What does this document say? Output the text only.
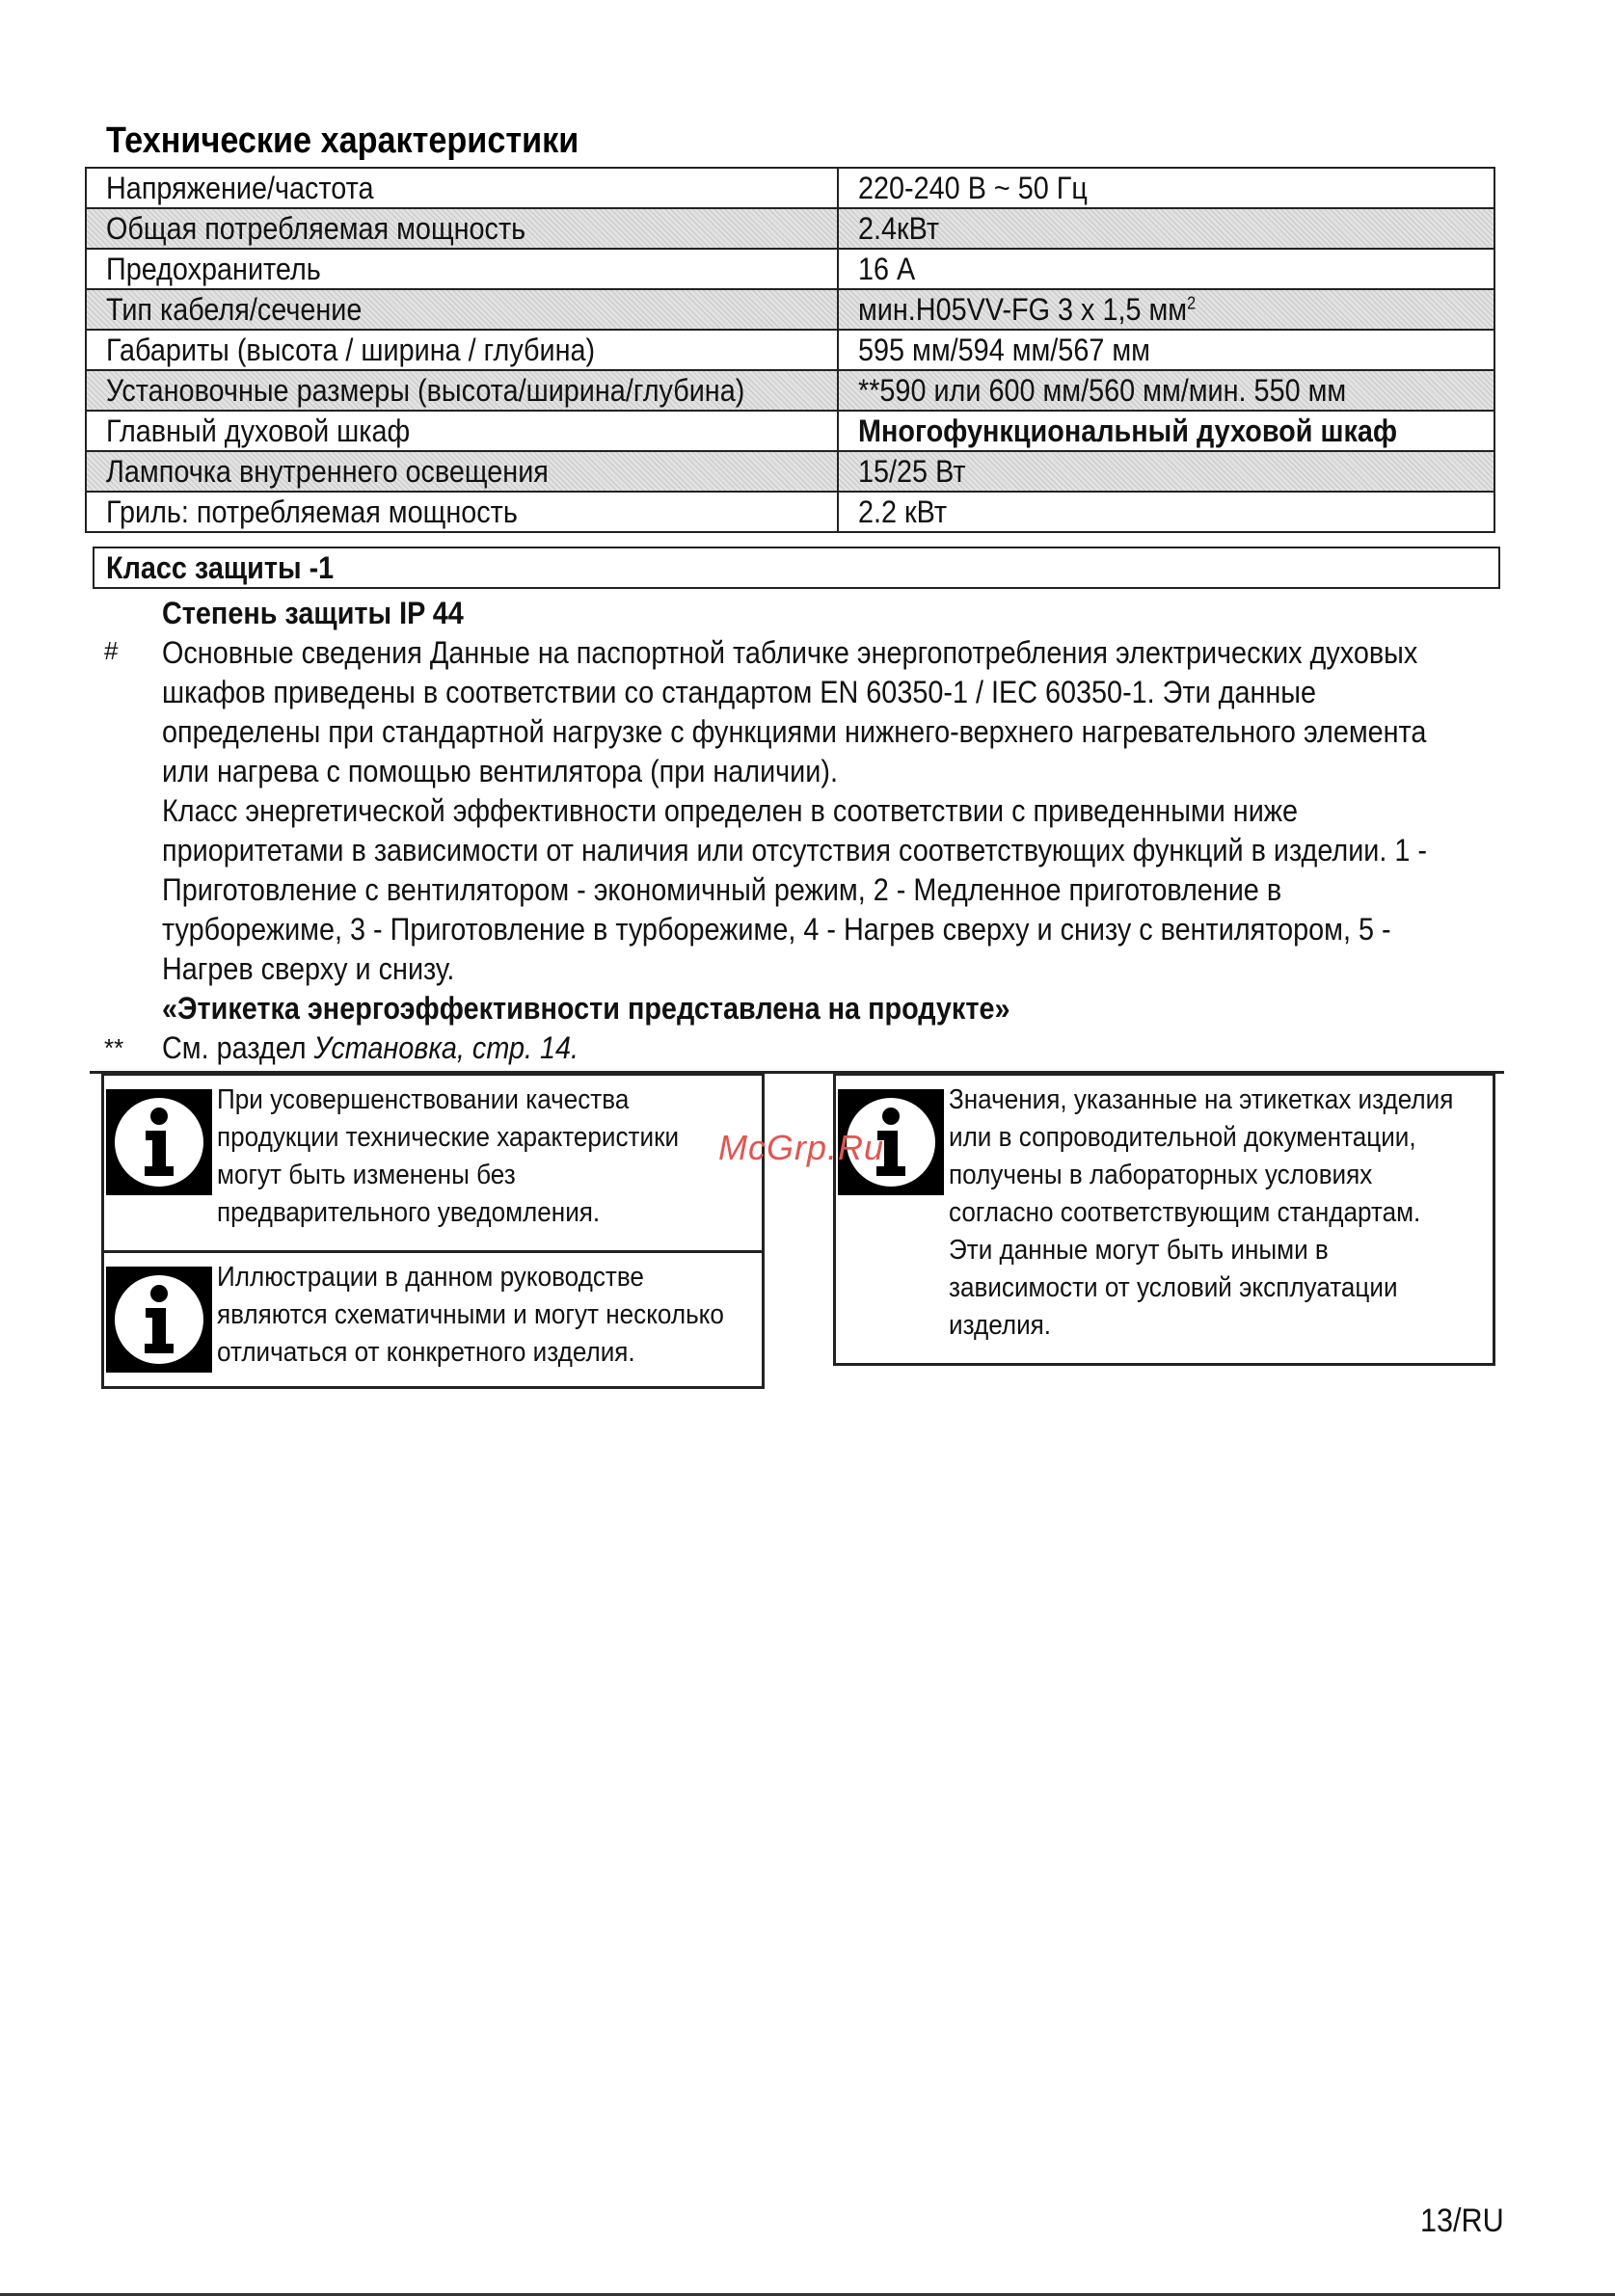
Технические характеристики
Напряжение/частота	220-240 В ~ 50 Гц
Общая потребляемая мощность	2.4кВт
Предохранитель	16 А
Тип кабеля/сечение	мин.H05VV-FG 3 x 1,5 $мм^2$
Габариты (высота / ширина / глубина)	595 мм/594 мм/567 мм
Установочные размеры (высота/ширина/глубина)	**590 или 600 мм/560 мм/мин. 550 мм
Главный духовой шкаф	Многофункциональный духовой шкаф
Лампочка внутреннего освещения	15/25 Вт
Гриль: потребляемая мощность	2.2 кВт
Класс защиты -1

Степень защиты IP 44

# Основные сведения Данные на паспортной табличке энергопотребления электрических духовых
шкафов приведены в соответствии со стандартом EN 60350-1 / IEC 60350-1. Эти данные
определены при стандартной нагрузке с функциями нижнего-верхнего нагревательного элемента
или нагрева с помощью вентилятора (при наличии).
Класс энергетической эффективности определен в соответствии с приведенными ниже
приоритетами в зависимости от наличия или отсутствия соответствующих функций в изделии. 1 -
Приготовление с вентилятором - экономичный режим, 2 - Медленное приготовление в
турборежиме, 3 - Приготовление в турборежиме, 4 - Нагрев сверху и снизу с вентилятором, 5 -
Нагрев сверху и снизу.

«Этикетка энергоэффективности представлена на продукте»

** См. раздел Установка, стр. 14.

При усовершенствовании качества
продукции технические характеристики
могут быть изменены без
предварительного уведомления.
Иллюстрации в данном руководстве
являются схематичными и могут несколько
отличаться от конкретного изделия.
Значения, указанные на этикетках изделия
или в сопроводительной документации,
получены в лабораторных условиях
согласно соответствующим стандартам.
Эти данные могут быть иными в
зависимости от условий эксплуатации
изделия.
McGrp.Ru
13/RU
